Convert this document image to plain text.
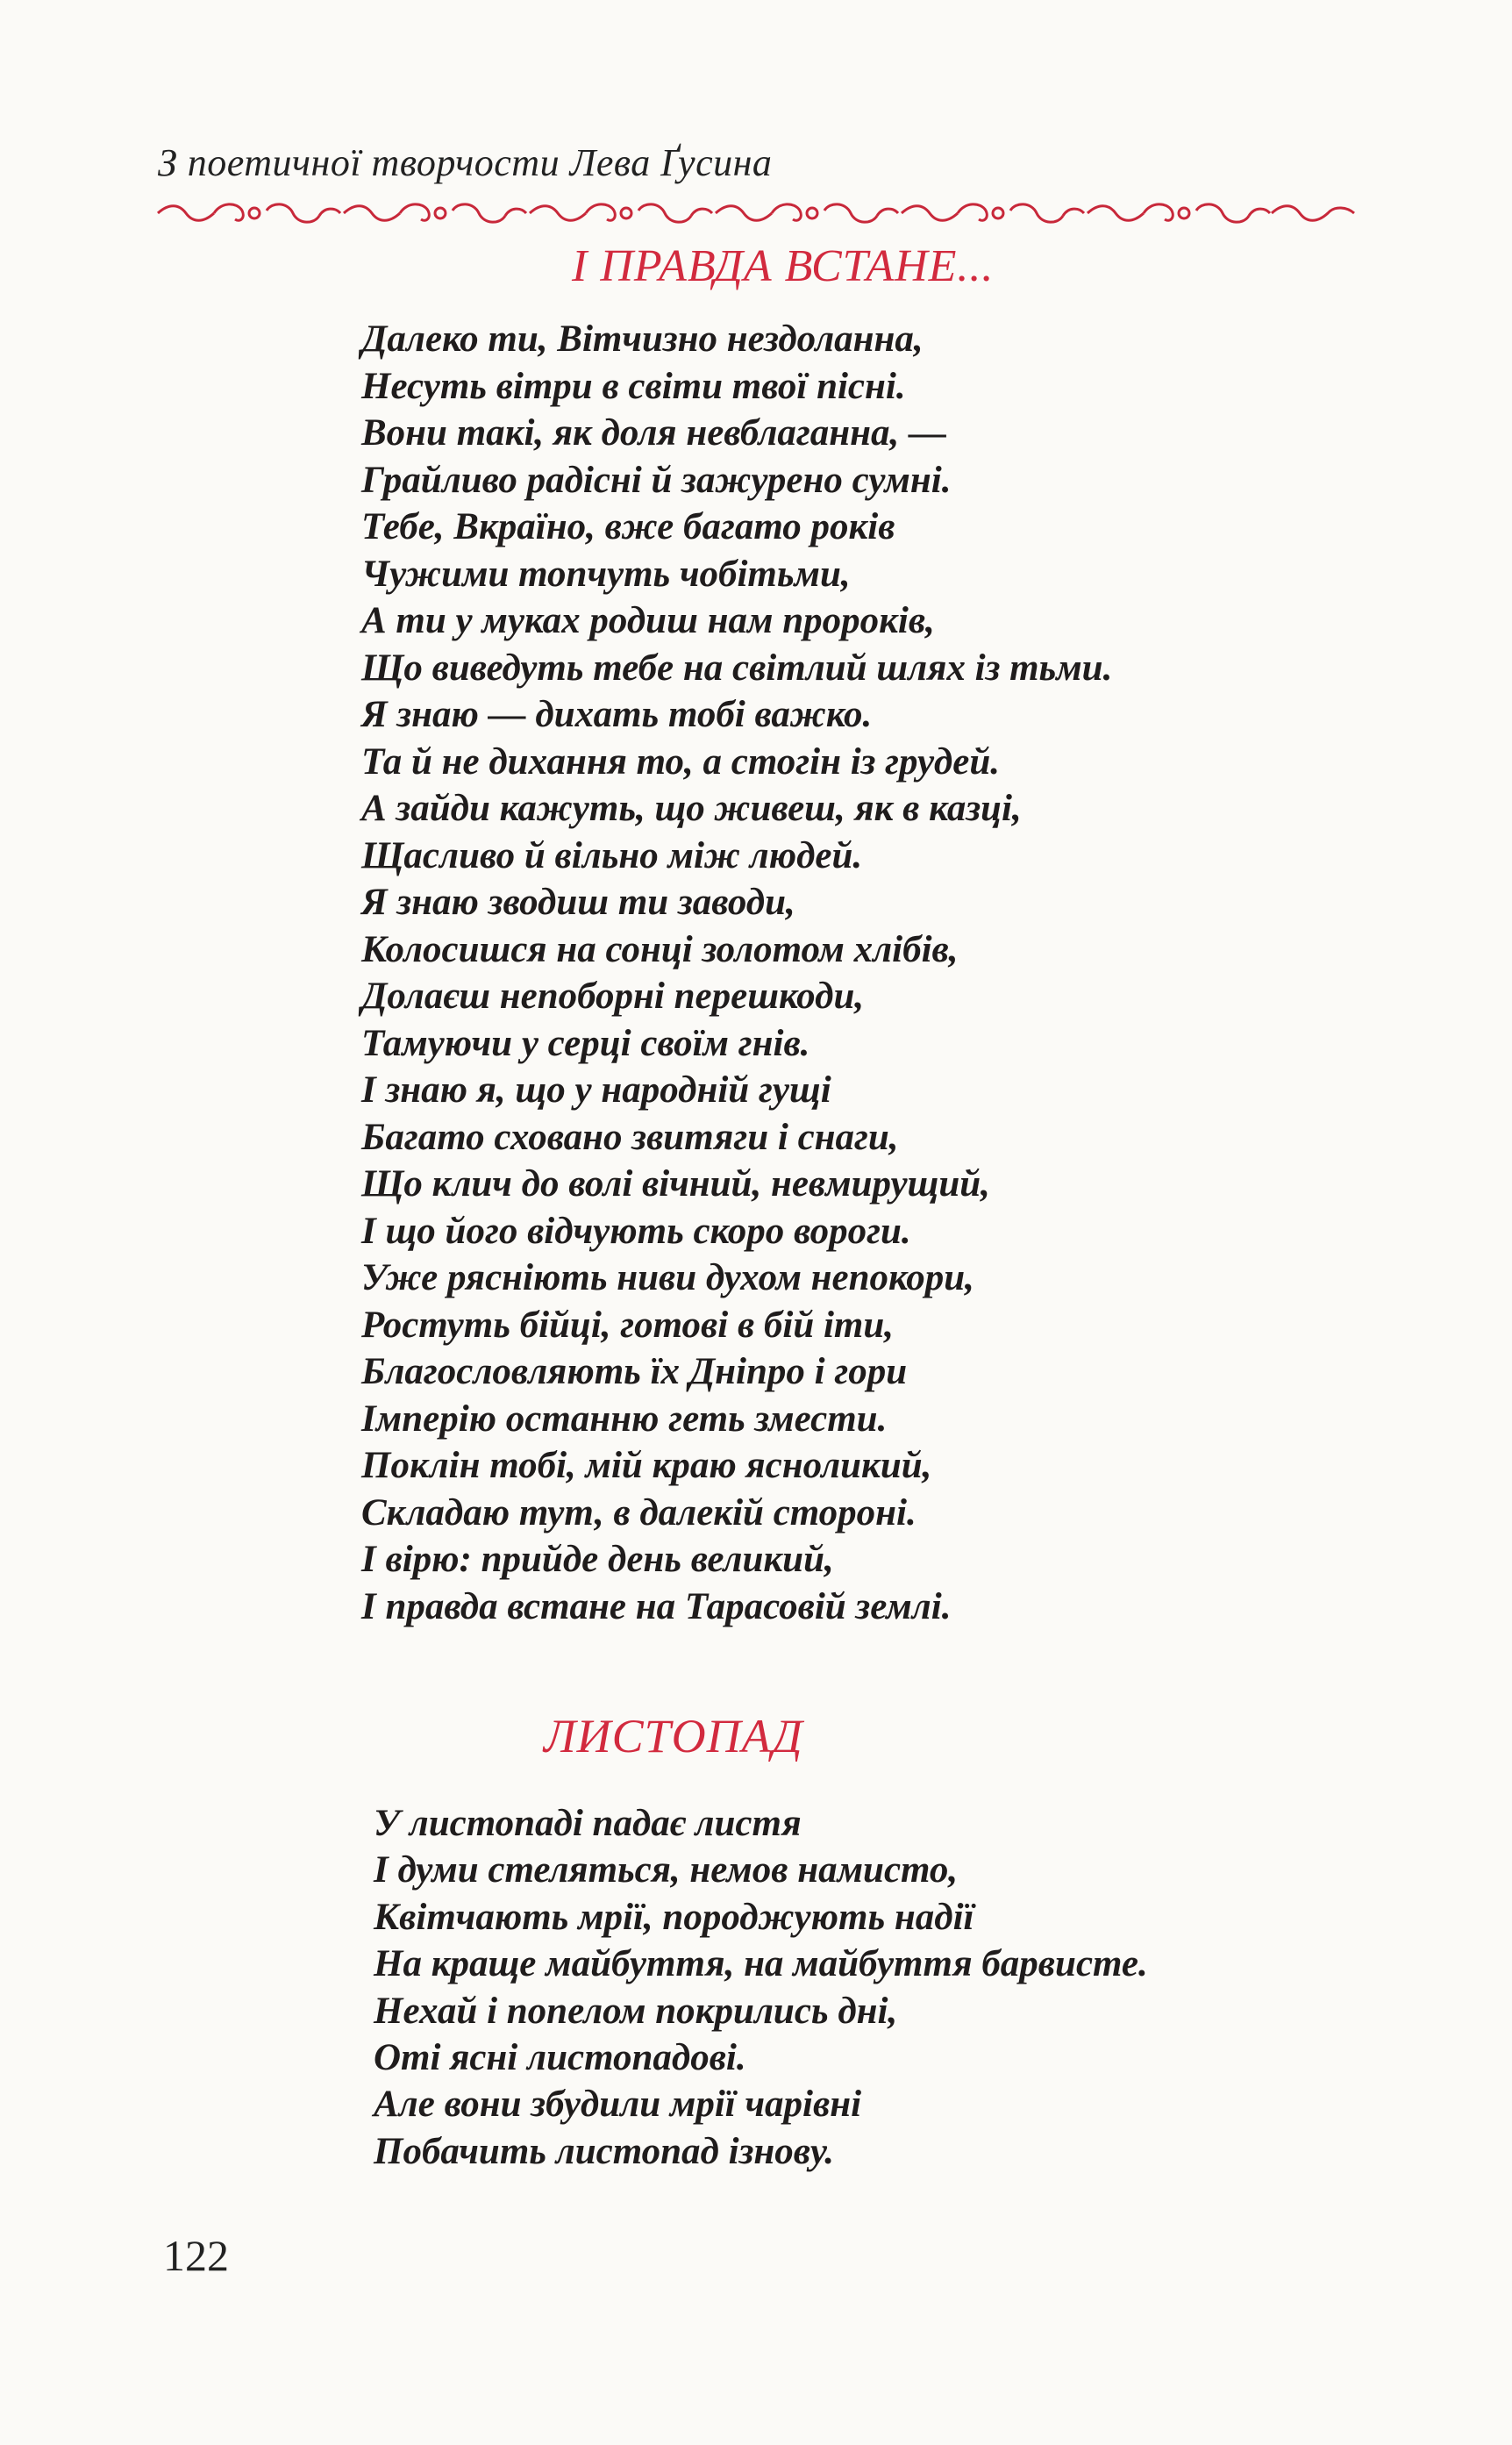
З поетичної творчости Лева Ґусина
І ПРАВДА ВСТАНЕ...
Далеко ти, Вітчизно нездоланна,
Несуть вітри в світи твої пісні.
Вони такі, як доля невблаганна, —
Грайливо радісні й зажурено сумні.
Тебе, Вкраїно, вже багато років
Чужими топчуть чобітьми,
А ти у муках родиш нам пророків,
Що виведуть тебе на світлий шлях із тьми.
Я знаю — дихать тобі важко.
Та й не дихання то, а стогін із грудей.
А зайди кажуть, що живеш, як в казці,
Щасливо й вільно між людей.
Я знаю зводиш ти заводи,
Колосишся на сонці золотом хлібів,
Долаєш непоборні перешкоди,
Тамуючи у серці своїм гнів.
І знаю я, що у народній гущі
Багато сховано звитяги і снаги,
Що клич до волі вічний, невмирущий,
І що його відчують скоро вороги.
Уже рясніють ниви духом непокори,
Ростуть бійці, готові в бій іти,
Благословляють їх Дніпро і гори
Імперію останню геть змести.
Поклін тобі, мій краю ясноликий,
Складаю тут, в далекій стороні.
І вірю: прийде день великий,
І правда встане на Тарасовій землі.
ЛИСТОПАД
У листопаді падає листя
І думи стеляться, немов намисто,
Квітчають мрії, породжують надії
На краще майбуття, на майбуття барвисте.
Нехай і попелом покрились дні,
Оті ясні листопадові.
Але вони збудили мрії чарівні
Побачить листопад ізнову.
122
